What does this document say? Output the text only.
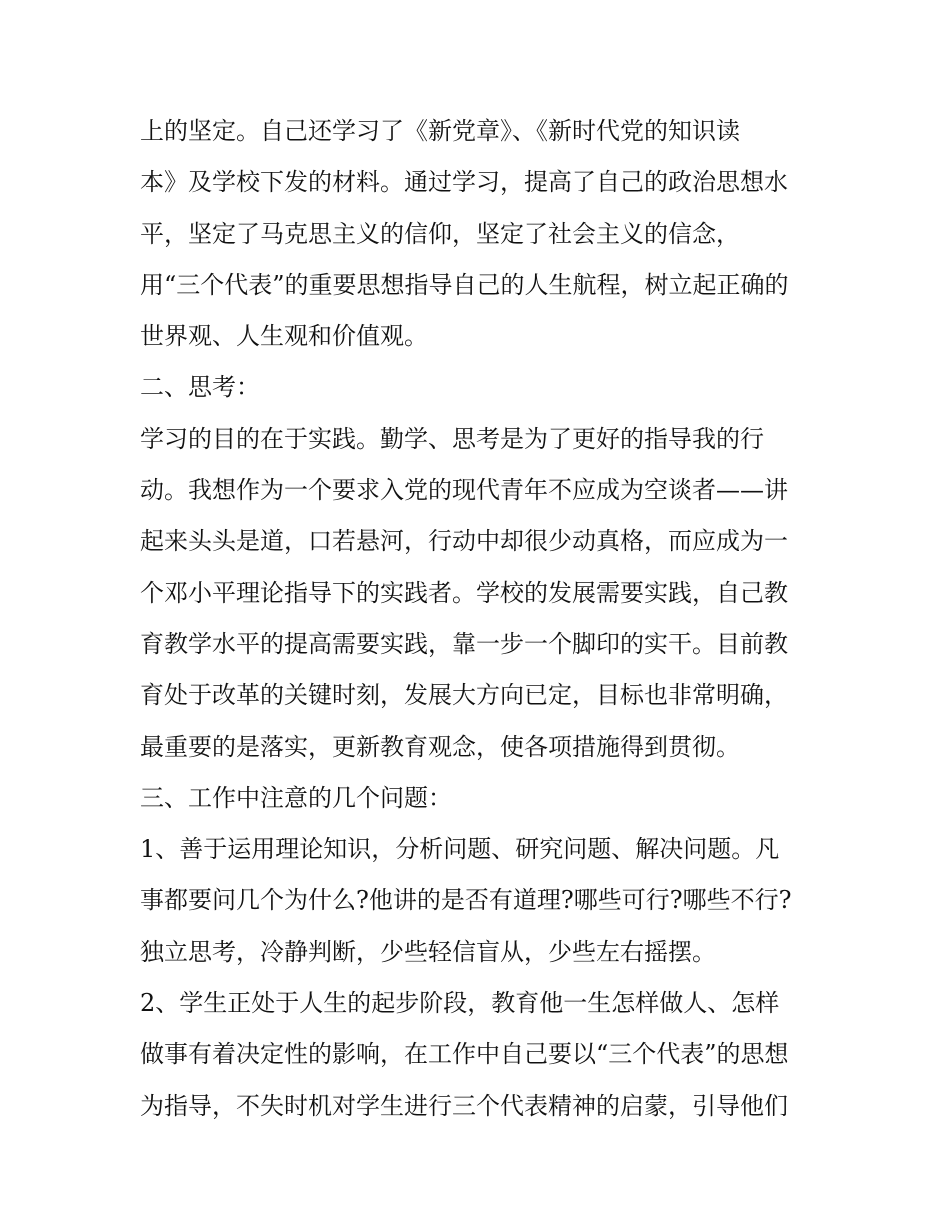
上的坚定。自己还学习了《新党章》、《新时代党的知识读
本》及学校下发的材料。通过学习，提高了自己的政治思想水
平，坚定了马克思主义的信仰，坚定了社会主义的信念，
用“三个代表”的重要思想指导自己的人生航程，树立起正确的
世界观、人生观和价值观。
二、思考：
学习的目的在于实践。勤学、思考是为了更好的指导我的行
动。我想作为一个要求入党的现代青年不应成为空谈者——讲
起来头头是道，口若悬河，行动中却很少动真格，而应成为一
个邓小平理论指导下的实践者。学校的发展需要实践，自己教
育教学水平的提高需要实践，靠一步一个脚印的实干。目前教
育处于改革的关键时刻，发展大方向已定，目标也非常明确，
最重要的是落实，更新教育观念，使各项措施得到贯彻。
三、工作中注意的几个问题：
1、善于运用理论知识，分析问题、研究问题、解决问题。凡
事都要问几个为什么?他讲的是否有道理?哪些可行?哪些不行?
独立思考，冷静判断，少些轻信盲从，少些左右摇摆。
2、学生正处于人生的起步阶段，教育他一生怎样做人、怎样
做事有着决定性的影响，在工作中自己要以“三个代表”的思想
为指导，不失时机对学生进行三个代表精神的启蒙，引导他们
